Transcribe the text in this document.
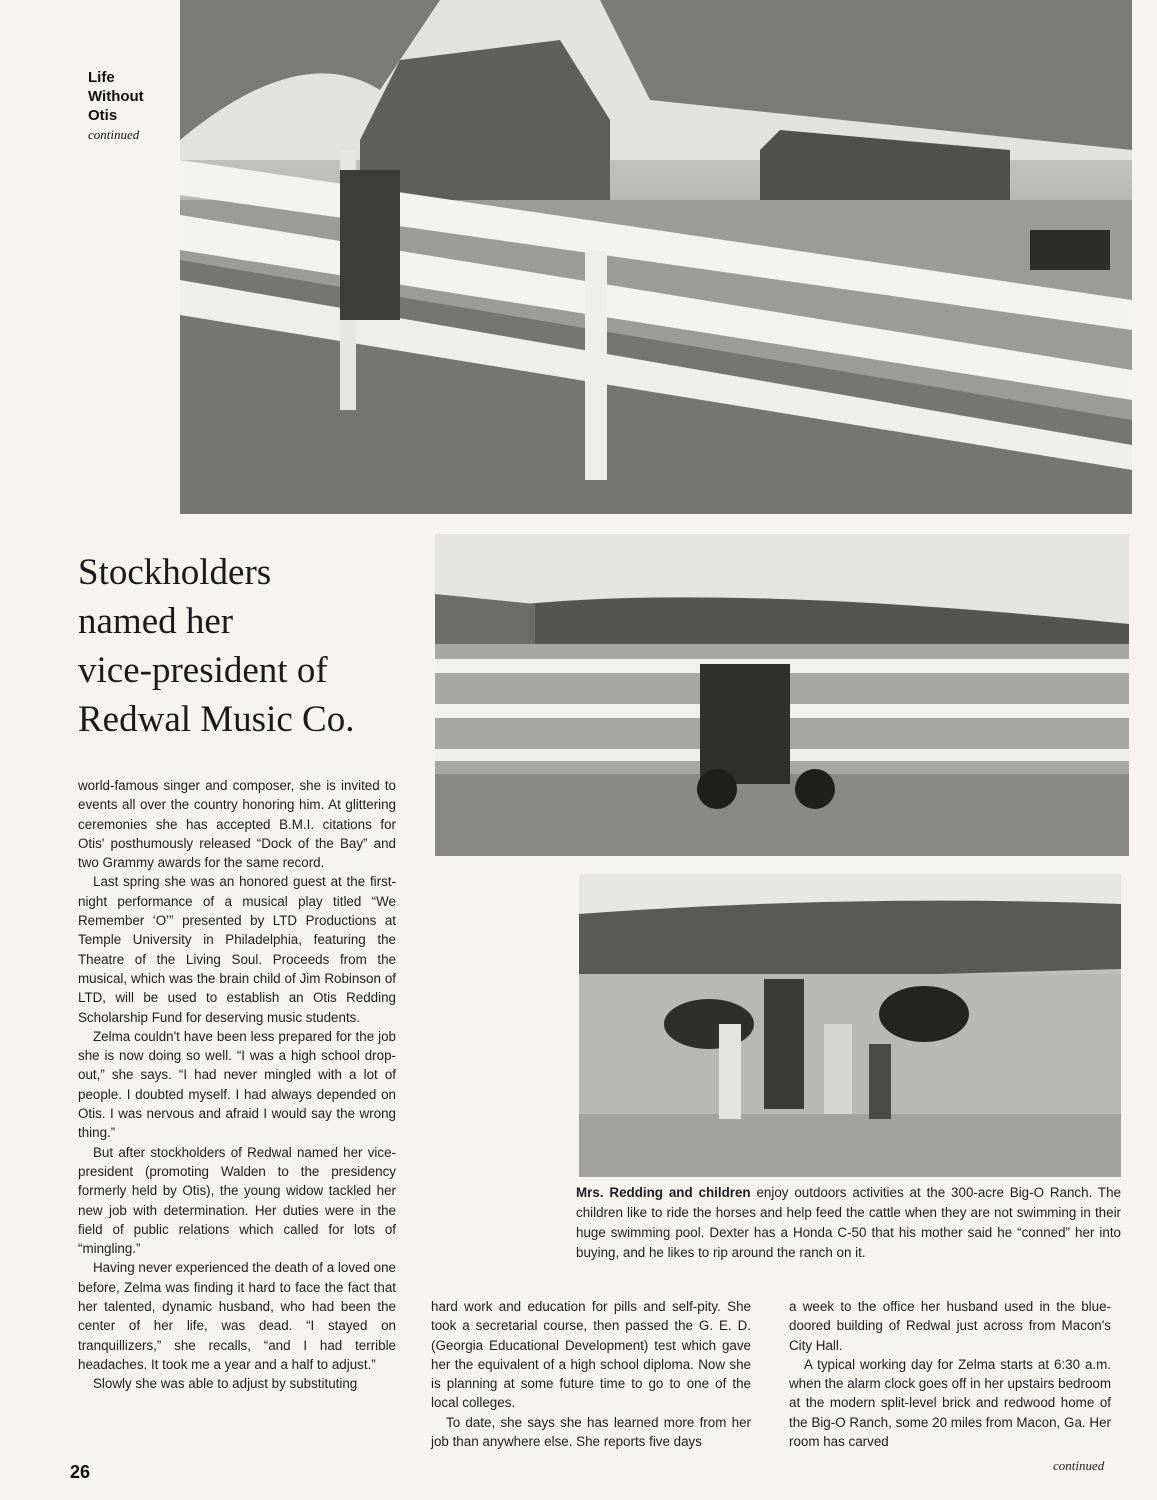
Life
Without
Otis
continued
Stockholders
named her
vice-president of
Redwal Music Co.

world-famous singer and composer, she is invited to events all over the country honoring him. At glittering ceremonies she has accepted B.M.I. citations for Otis' posthumously released “Dock of the Bay” and two Grammy awards for the same record.

Last spring she was an honored guest at the first-night performance of a musical play titled “We Remember ‘O’” presented by LTD Productions at Temple University in Philadelphia, featuring the Theatre of the Living Soul. Proceeds from the musical, which was the brain child of Jim Robinson of LTD, will be used to establish an Otis Redding Scholarship Fund for deserving music students.

Zelma couldn't have been less prepared for the job she is now doing so well. “I was a high school drop-out,” she says. “I had never mingled with a lot of people. I doubted myself. I had always depended on Otis. I was nervous and afraid I would say the wrong thing.”

But after stockholders of Redwal named her vice-president (promoting Walden to the presidency formerly held by Otis), the young widow tackled her new job with determination. Her duties were in the field of public relations which called for lots of “mingling.”

Having never experienced the death of a loved one before, Zelma was finding it hard to face the fact that her talented, dynamic husband, who had been the center of her life, was dead. “I stayed on tranquillizers,” she recalls, “and I had terrible headaches. It took me a year and a half to adjust.”

Slowly she was able to adjust by substituting

Mrs. Redding and children enjoy outdoors activities at the 300-acre Big-O Ranch. The children like to ride the horses and help feed the cattle when they are not swimming in their huge swimming pool. Dexter has a Honda C-50 that his mother said he “conned” her into buying, and he likes to rip around the ranch on it.

hard work and education for pills and self-pity. She took a secretarial course, then passed the G. E. D. (Georgia Educational Development) test which gave her the equivalent of a high school diploma. Now she is planning at some future time to go to one of the local colleges.

To date, she says she has learned more from her job than anywhere else. She reports five days

a week to the office her husband used in the blue-doored building of Redwal just across from Macon's City Hall.

A typical working day for Zelma starts at 6:30 a.m. when the alarm clock goes off in her upstairs bedroom at the modern split-level brick and redwood home of the Big-O Ranch, some 20 miles from Macon, Ga. Her room has carved

26	continued
